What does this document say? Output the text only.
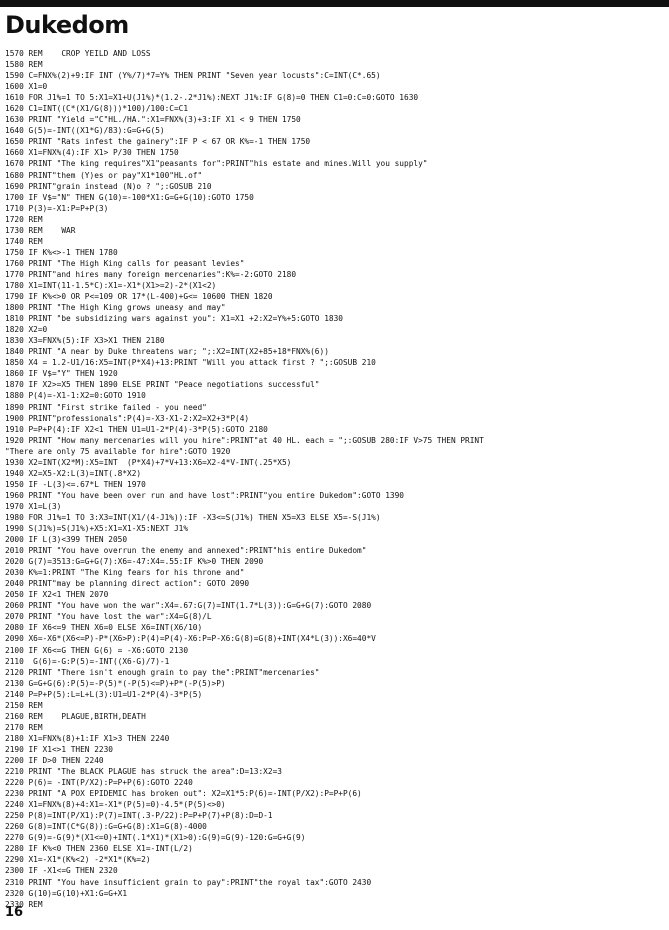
Dukedom
1570 REM    CROP YEILD AND LOSS
1580 REM
1590 C=FNX%(2)+9:IF INT (Y%/7)*7=Y% THEN PRINT "Seven year locusts":C=INT(C*.65)
1600 X1=0
1610 FOR J1%=1 TO 5:X1=X1+U(J1%)*(1.2-.2*J1%):NEXT J1%:IF G(8)=0 THEN C1=0:C=0:GOTO 1630
1620 C1=INT((C*(X1/G(8)))*100)/100:C=C1
1630 PRINT "Yield ="C"HL./HA.":X1=FNX%(3)+3:IF X1 < 9 THEN 1750
1640 G(5)=-INT((X1*G)/83):G=G+G(5)
1650 PRINT "Rats infest the gainery":IF P < 67 OR K%=-1 THEN 1750
1660 X1=FNX%(4):IF X1> P/30 THEN 1750
1670 PRINT "The king requires"X1"peasants for":PRINT"his estate and mines.Will you supply"
1680 PRINT"them (Y)es or pay"X1*100"HL.of"
1690 PRINT"grain instead (N)o ? ";:GOSUB 210
1700 IF V$="N" THEN G(10)=-100*X1:G=G+G(10):GOTO 1750
1710 P(3)=-X1:P=P+P(3)
1720 REM
1730 REM    WAR
1740 REM
1750 IF K%<>-1 THEN 1780
1760 PRINT "The High King calls for peasant levies"
1770 PRINT"and hires many foreign mercenaries":K%=-2:GOTO 2180
1780 X1=INT(11-1.5*C):X1=-X1*(X1>=2)-2*(X1<2)
1790 IF K%<>0 OR P<=109 OR 17*(L-400)+G<= 10600 THEN 1820
1800 PRINT "The High King grows uneasy and may"
1810 PRINT "be subsidizing wars against you": X1=X1 +2:X2=Y%+5:GOTO 1830
1820 X2=0
1830 X3=FNX%(5):IF X3>X1 THEN 2180
1840 PRINT "A near by Duke threatens war; ";:X2=INT(X2+85+18*FNX%(6))
1850 X4 = 1.2-U1/16:X5=INT(P*X4)+13:PRINT "Will you attack first ? ";:GOSUB 210
1860 IF V$="Y" THEN 1920
1870 IF X2>=X5 THEN 1890 ELSE PRINT "Peace negotiations successful"
1880 P(4)=-X1-1:X2=0:GOTO 1910
1890 PRINT "First strike failed - you need"
1900 PRINT"professionals":P(4)=-X3-X1-2:X2=X2+3*P(4)
1910 P=P+P(4):IF X2<1 THEN U1=U1-2*P(4)-3*P(5):GOTO 2180
1920 PRINT "How many mercenaries will you hire":PRINT"at 40 HL. each = ";:GOSUB 280:IF V>75 THEN PRINT
"There are only 75 available for hire":GOTO 1920
1930 X2=INT(X2*M):X5=INT  (P*X4)+7*V+13:X6=X2-4*V-INT(.25*X5)
1940 X2=X5-X2:L(3)=INT(.8*X2)
1950 IF -L(3)<=.67*L THEN 1970
1960 PRINT "You have been over run and have lost":PRINT"you entire Dukedom":GOTO 1390
1970 X1=L(3)
1980 FOR J1%=1 TO 3:X3=INT(X1/(4-J1%)):IF -X3<=S(J1%) THEN X5=X3 ELSE X5=-S(J1%)
1990 S(J1%)=S(J1%)+X5:X1=X1-X5:NEXT J1%
2000 IF L(3)<399 THEN 2050
2010 PRINT "You have overrun the enemy and annexed":PRINT"his entire Dukedom"
2020 G(7)=3513:G=G+G(7):X6=-47:X4=.55:IF K%>0 THEN 2090
2030 K%=1:PRINT "The King fears for his throne and"
2040 PRINT"may be planning direct action": GOTO 2090
2050 IF X2<1 THEN 2070
2060 PRINT "You have won the war":X4=.67:G(7)=INT(1.7*L(3)):G=G+G(7):GOTO 2080
2070 PRINT "You have lost the war":X4=G(8)/L
2080 IF X6<=9 THEN X6=0 ELSE X6=INT(X6/10)
2090 X6=-X6*(X6<=P)-P*(X6>P):P(4)=P(4)-X6:P=P-X6:G(8)=G(8)+INT(X4*L(3)):X6=40*V
2100 IF X6<=G THEN G(6) = -X6:GOTO 2130
2110  G(6)=-G:P(5)=-INT((X6-G)/7)-1
2120 PRINT "There isn't enough grain to pay the":PRINT"mercenaries"
2130 G=G+G(6):P(5)=-P(5)*(-P(5)<=P)+P*(-P(5)>P)
2140 P=P+P(5):L=L+L(3):U1=U1-2*P(4)-3*P(5)
2150 REM
2160 REM    PLAGUE,BIRTH,DEATH
2170 REM
2180 X1=FNX%(8)+1:IF X1>3 THEN 2240
2190 IF X1<>1 THEN 2230
2200 IF D>0 THEN 2240
2210 PRINT "The BLACK PLAGUE has struck the area":D=13:X2=3
2220 P(6)= -INT(P/X2):P=P+P(6):GOTO 2240
2230 PRINT "A POX EPIDEMIC has broken out": X2=X1*5:P(6)=-INT(P/X2):P=P+P(6)
2240 X1=FNX%(8)+4:X1=-X1*(P(5)=0)-4.5*(P(5)<>0)
2250 P(8)=INT(P/X1):P(7)=INT(.3-P/22):P=P+P(7)+P(8):D=D-1
2260 G(8)=INT(C*G(8)):G=G+G(8):X1=G(8)-4000
2270 G(9)=-G(9)*(X1<=0)+INT(.1*X1)*(X1>0):G(9)=G(9)-120:G=G+G(9)
2280 IF K%<0 THEN 2360 ELSE X1=-INT(L/2)
2290 X1=-X1*(K%<2) -2*X1*(K%=2)
2300 IF -X1<=G THEN 2320
2310 PRINT "You have insufficient grain to pay":PRINT"the royal tax":GOTO 2430
2320 G(10)=G(10)+X1:G=G+X1
2330 REM
16
